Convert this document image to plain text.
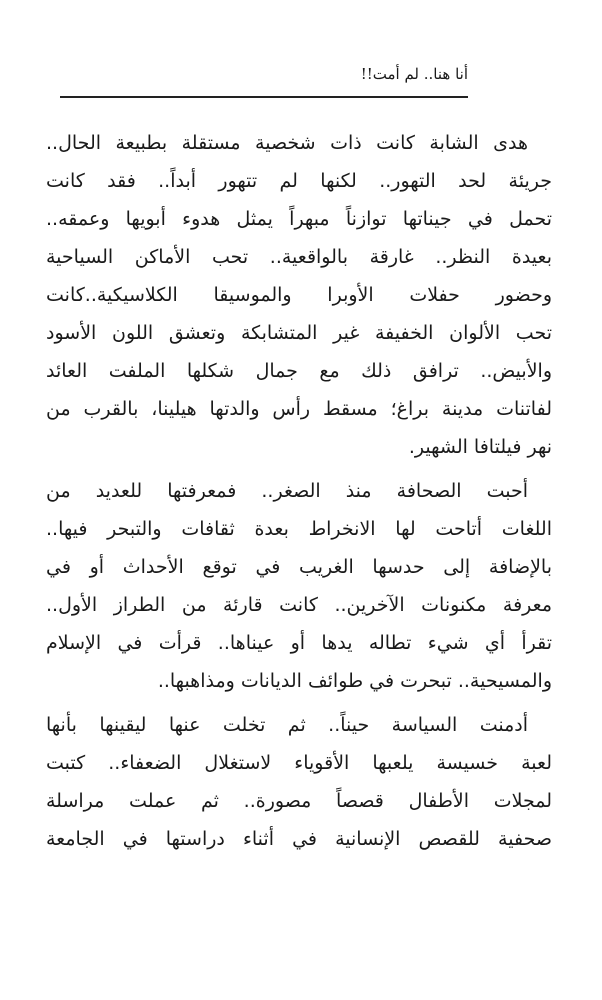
أنا هنا.. لم أمت!!
هدى الشابة كانت ذات شخصية مستقلة بطبيعة الحال..
جريئة لحد التهور.. لكنها لم تتهور أبداً.. فقد كانت
تحمل في جيناتها توازناً مبهراً يمثل هدوء أبويها وعمقه..
بعيدة النظر.. غارقة بالواقعية.. تحب الأماكن السياحية
وحضور حفلات الأوبرا والموسيقا الكلاسيكية..كانت
تحب الألوان الخفيفة غير المتشابكة وتعشق اللون الأسود
والأبيض.. ترافق ذلك مع جمال شكلها الملفت العائد
لفاتنات مدينة براغ؛ مسقط رأس والدتها هيلينا، بالقرب من
نهر فيلتافا الشهير.
أحبت الصحافة منذ الصغر.. فمعرفتها للعديد من
اللغات أتاحت لها الانخراط بعدة ثقافات والتبحر فيها..
بالإضافة إلى حدسها الغريب في توقع الأحداث أو في
معرفة مكنونات الآخرين.. كانت قارئة من الطراز الأول..
تقرأ أي شيء تطاله يدها أو عيناها.. قرأت في الإسلام
والمسيحية.. تبحرت في طوائف الديانات ومذاهبها..
أدمنت السياسة حيناً.. ثم تخلت عنها ليقينها بأنها
لعبة خسيسة يلعبها الأقوياء لاستغلال الضعفاء.. كتبت
لمجلات الأطفال قصصاً مصورة.. ثم عملت مراسلة
صحفية للقصص الإنسانية في أثناء دراستها في الجامعة
